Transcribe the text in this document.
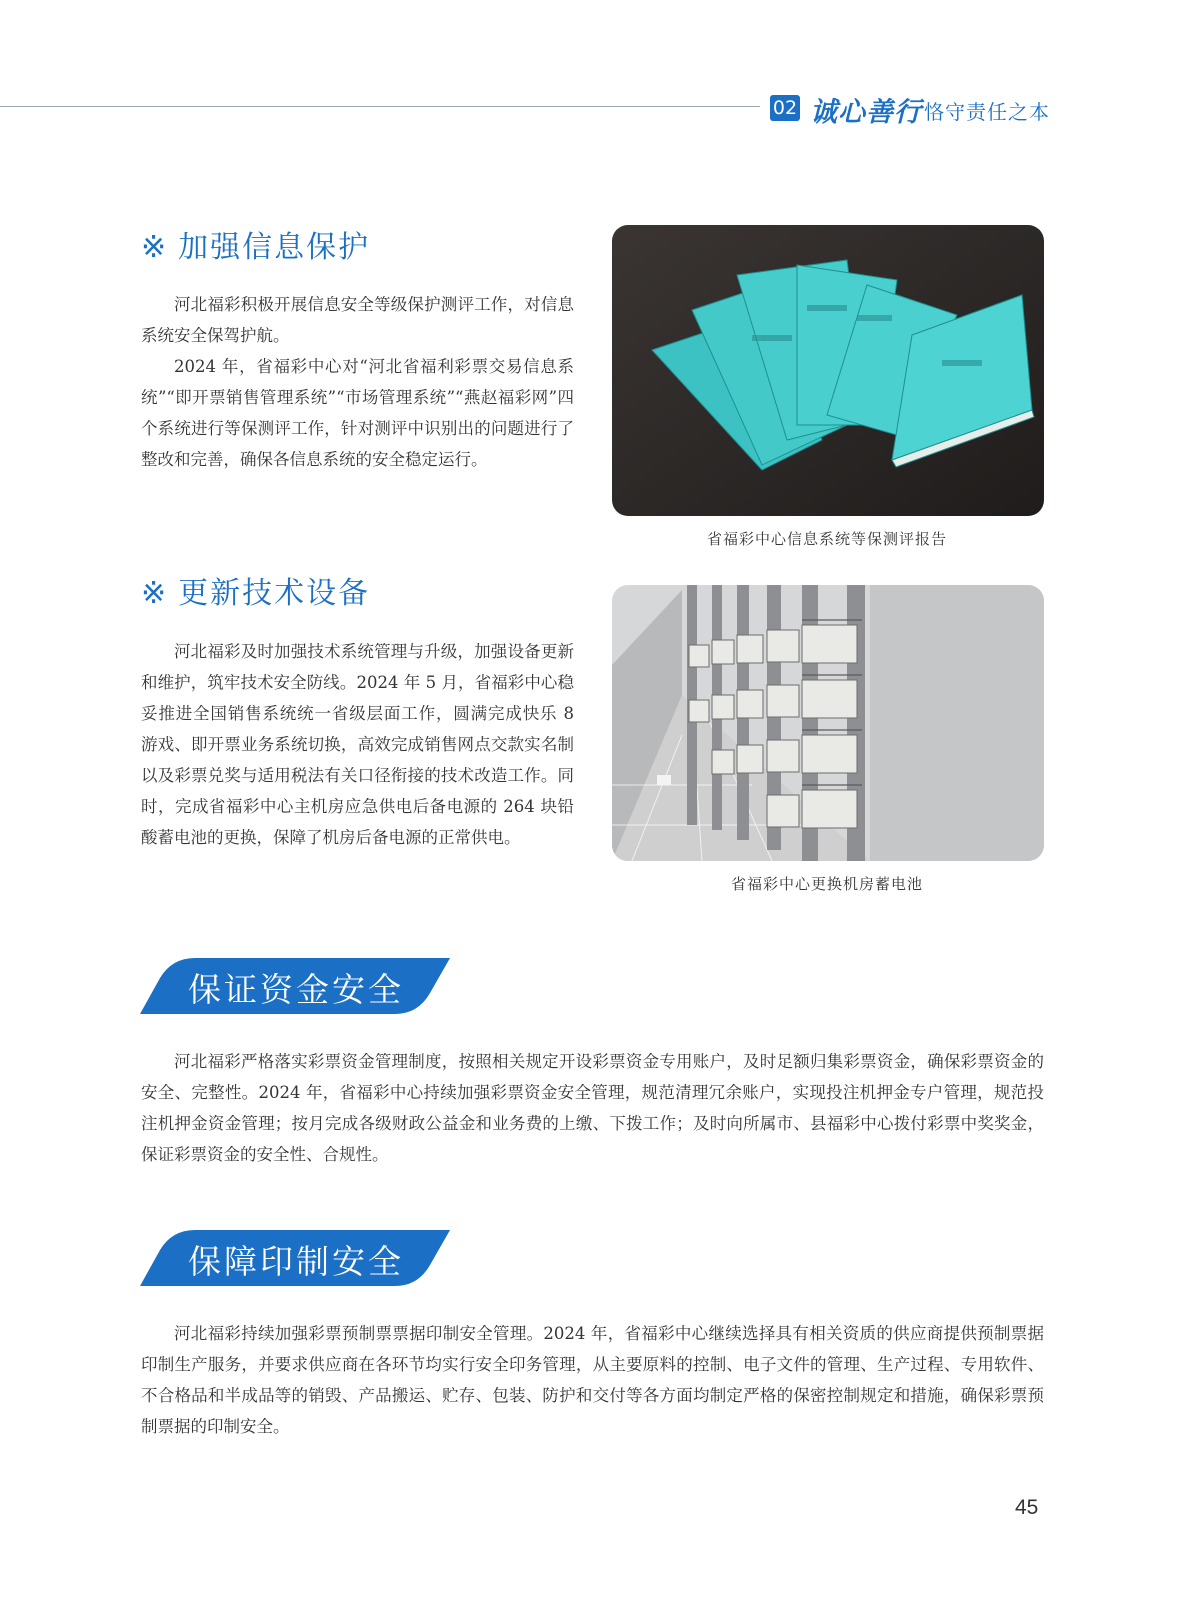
02 诚心善行 恪守责任之本
※ 加强信息保护

河北福彩积极开展信息安全等级保护测评工作，对信息系统安全保驾护航。

2024 年，省福彩中心对“河北省福利彩票交易信息系统”“即开票销售管理系统”“市场管理系统”“燕赵福彩网”四个系统进行等保测评工作，针对测评中识别出的问题进行了整改和完善，确保各信息系统的安全稳定运行。

省福彩中心信息系统等保测评报告
※ 更新技术设备

河北福彩及时加强技术系统管理与升级，加强设备更新和维护，筑牢技术安全防线。2024 年 5 月，省福彩中心稳妥推进全国销售系统统一省级层面工作，圆满完成快乐 8 游戏、即开票业务系统切换，高效完成销售网点交款实名制以及彩票兑奖与适用税法有关口径衔接的技术改造工作。同时，完成省福彩中心主机房应急供电后备电源的 264 块铅酸蓄电池的更换，保障了机房后备电源的正常供电。

省福彩中心更换机房蓄电池
保证资金安全

河北福彩严格落实彩票资金管理制度，按照相关规定开设彩票资金专用账户，及时足额归集彩票资金，确保彩票资金的安全、完整性。2024 年，省福彩中心持续加强彩票资金安全管理，规范清理冗余账户，实现投注机押金专户管理，规范投注机押金资金管理；按月完成各级财政公益金和业务费的上缴、下拨工作；及时向所属市、县福彩中心拨付彩票中奖奖金，保证彩票资金的安全性、合规性。

保障印制安全

河北福彩持续加强彩票预制票票据印制安全管理。2024 年，省福彩中心继续选择具有相关资质的供应商提供预制票据印制生产服务，并要求供应商在各环节均实行安全印务管理，从主要原料的控制、电子文件的管理、生产过程、专用软件、不合格品和半成品等的销毁、产品搬运、贮存、包装、防护和交付等各方面均制定严格的保密控制规定和措施，确保彩票预制票据的印制安全。

45
